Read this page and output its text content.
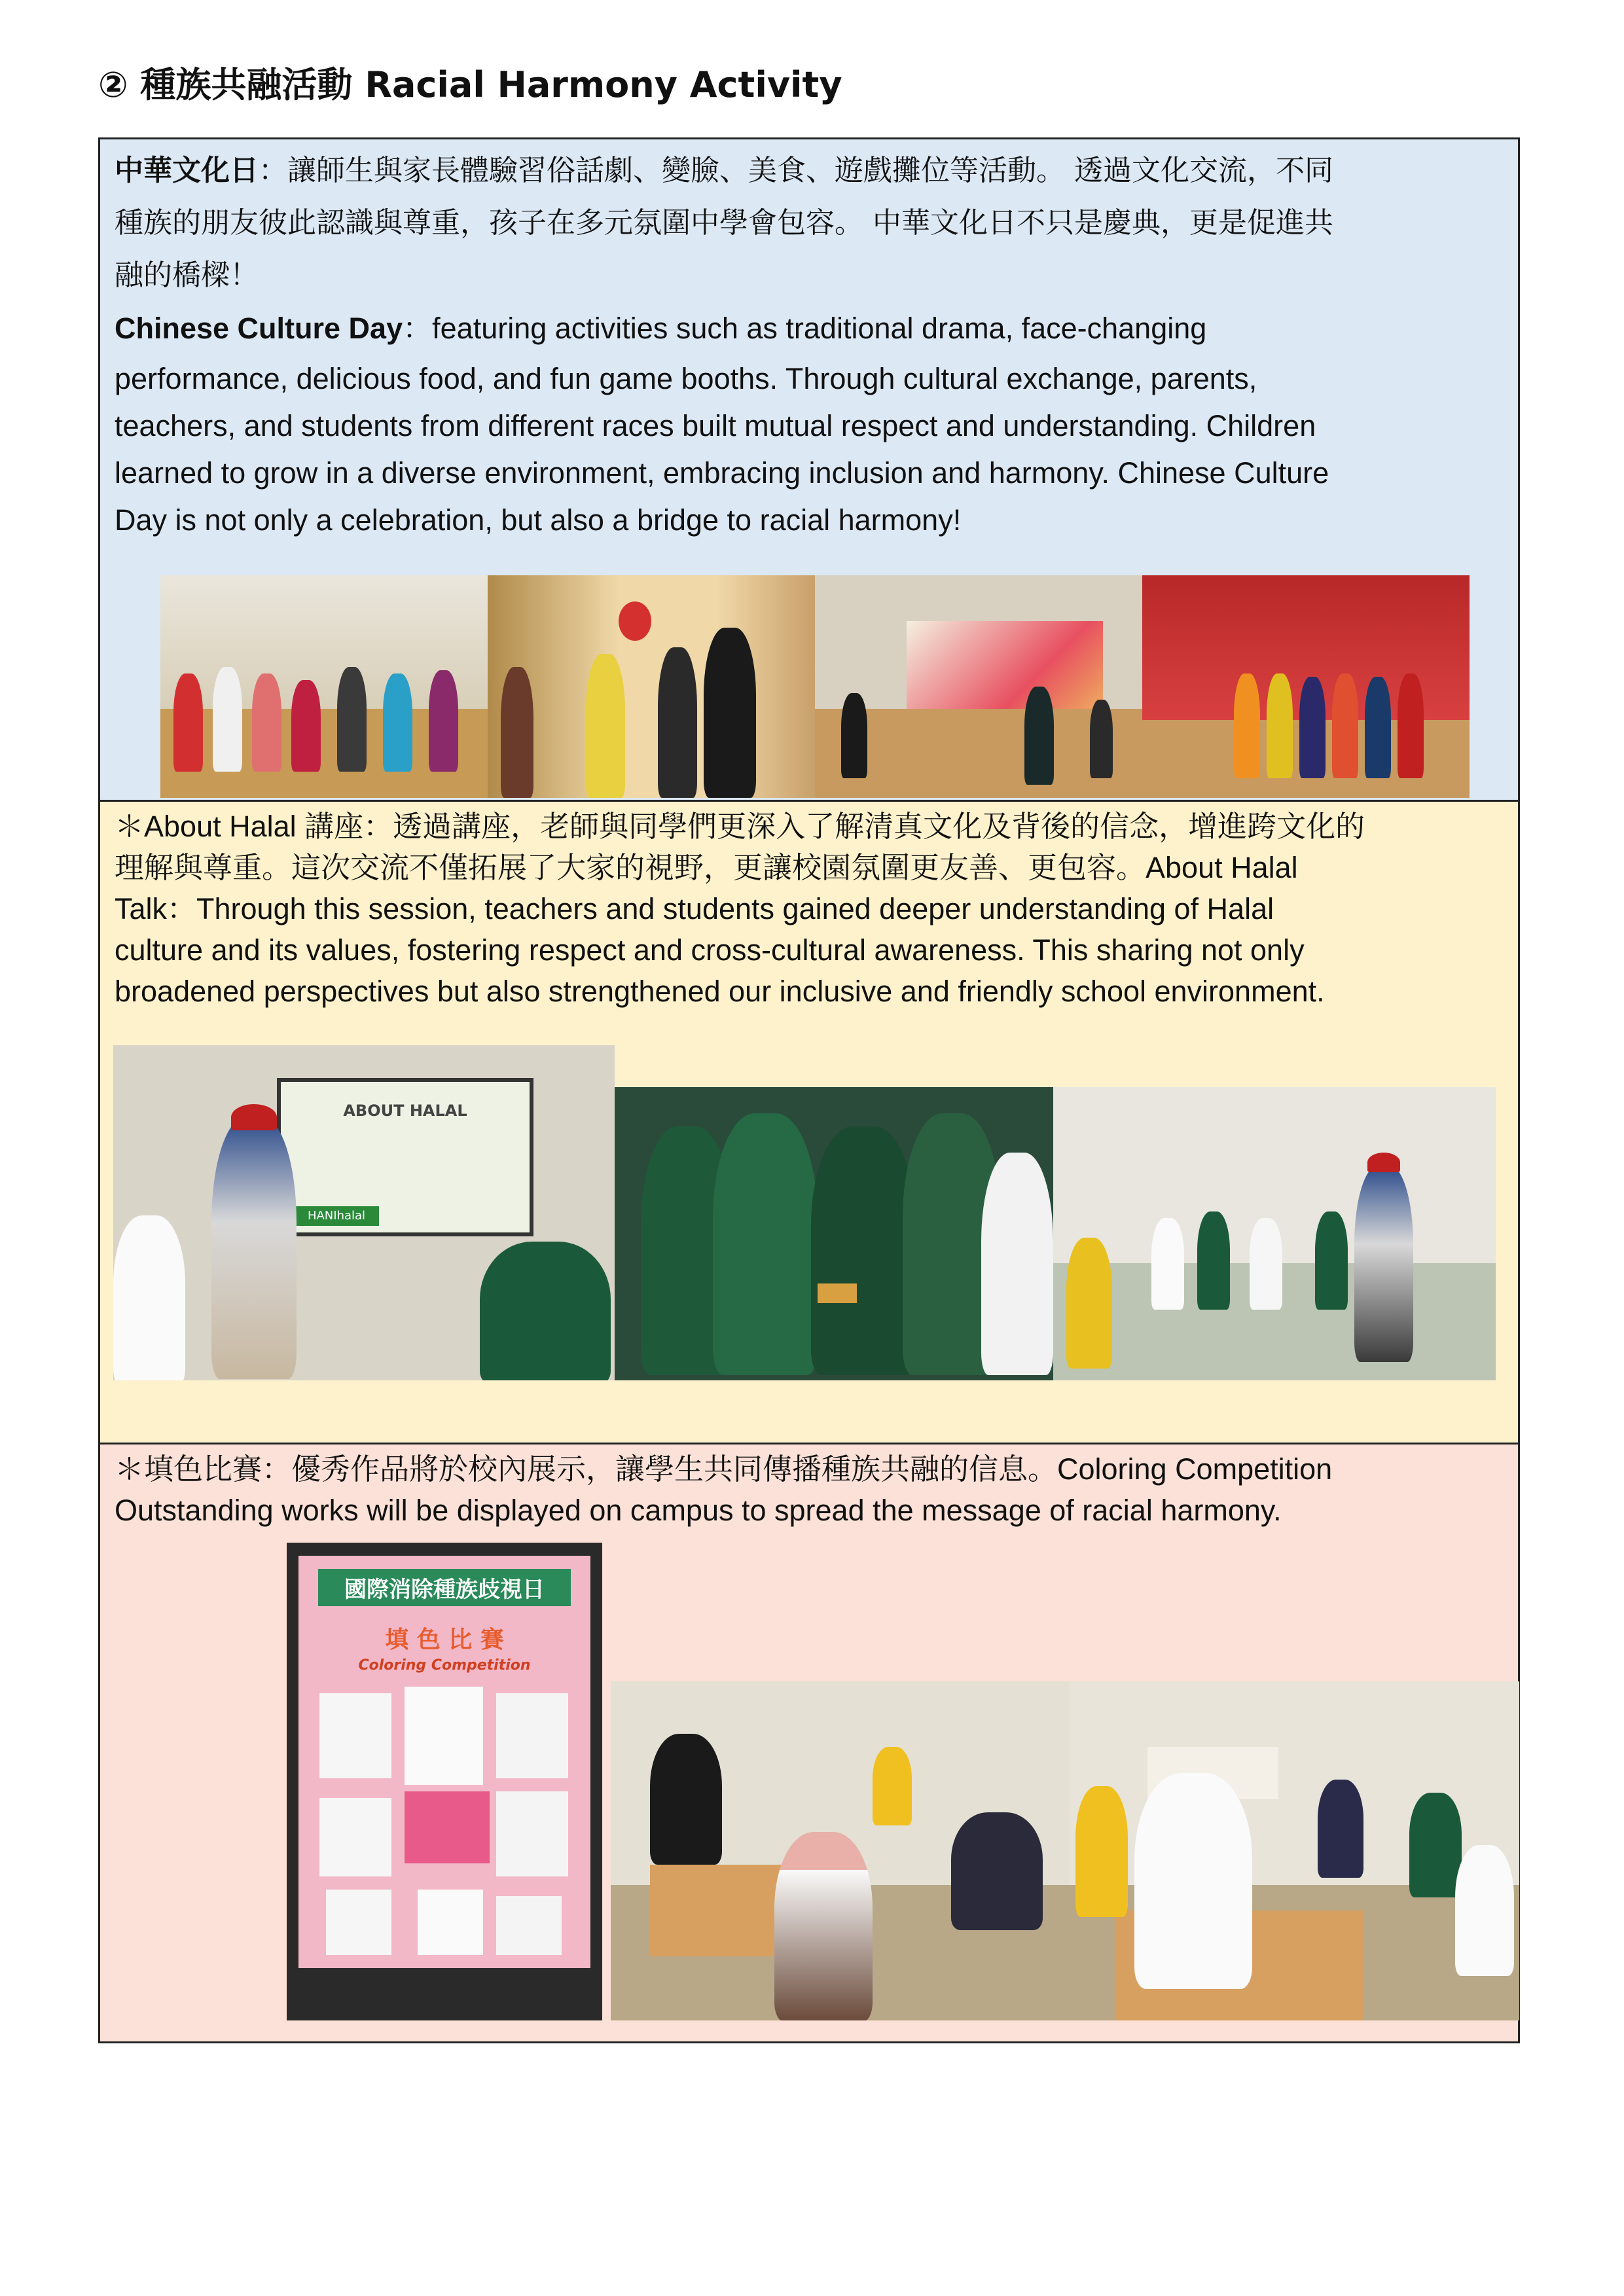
② 種族共融活動 Racial Harmony Activity
中華文化日：讓師生與家長體驗習俗話劇、變臉、美食、遊戲攤位等活動。 透過文化交流，不同
種族的朋友彼此認識與尊重，孩子在多元氛圍中學會包容。 中華文化日不只是慶典，更是促進共
融的橋樑！
Chinese Culture Day：featuring activities such as traditional drama, face-changing
performance, delicious food, and fun game booths. Through cultural exchange, parents,
teachers, and students from different races built mutual respect and understanding. Children
learned to grow in a diverse environment, embracing inclusion and harmony. Chinese Culture
Day is not only a celebration, but also a bridge to racial harmony!
＊About Halal 講座：透過講座，老師與同學們更深入了解清真文化及背後的信念，增進跨文化的
理解與尊重。這次交流不僅拓展了大家的視野，更讓校園氛圍更友善、更包容。About Halal
Talk：Through this session, teachers and students gained deeper understanding of Halal
culture and its values, fostering respect and cross-cultural awareness. This sharing not only
broadened perspectives but also strengthened our inclusive and friendly school environment.
ABOUT HALAL
HANIhalal
＊填色比賽：優秀作品將於校內展示，讓學生共同傳播種族共融的信息。Coloring Competition
Outstanding works will be displayed on campus to spread the message of racial harmony.
國際消除種族歧視日
填 色 比 賽
Coloring Competition
